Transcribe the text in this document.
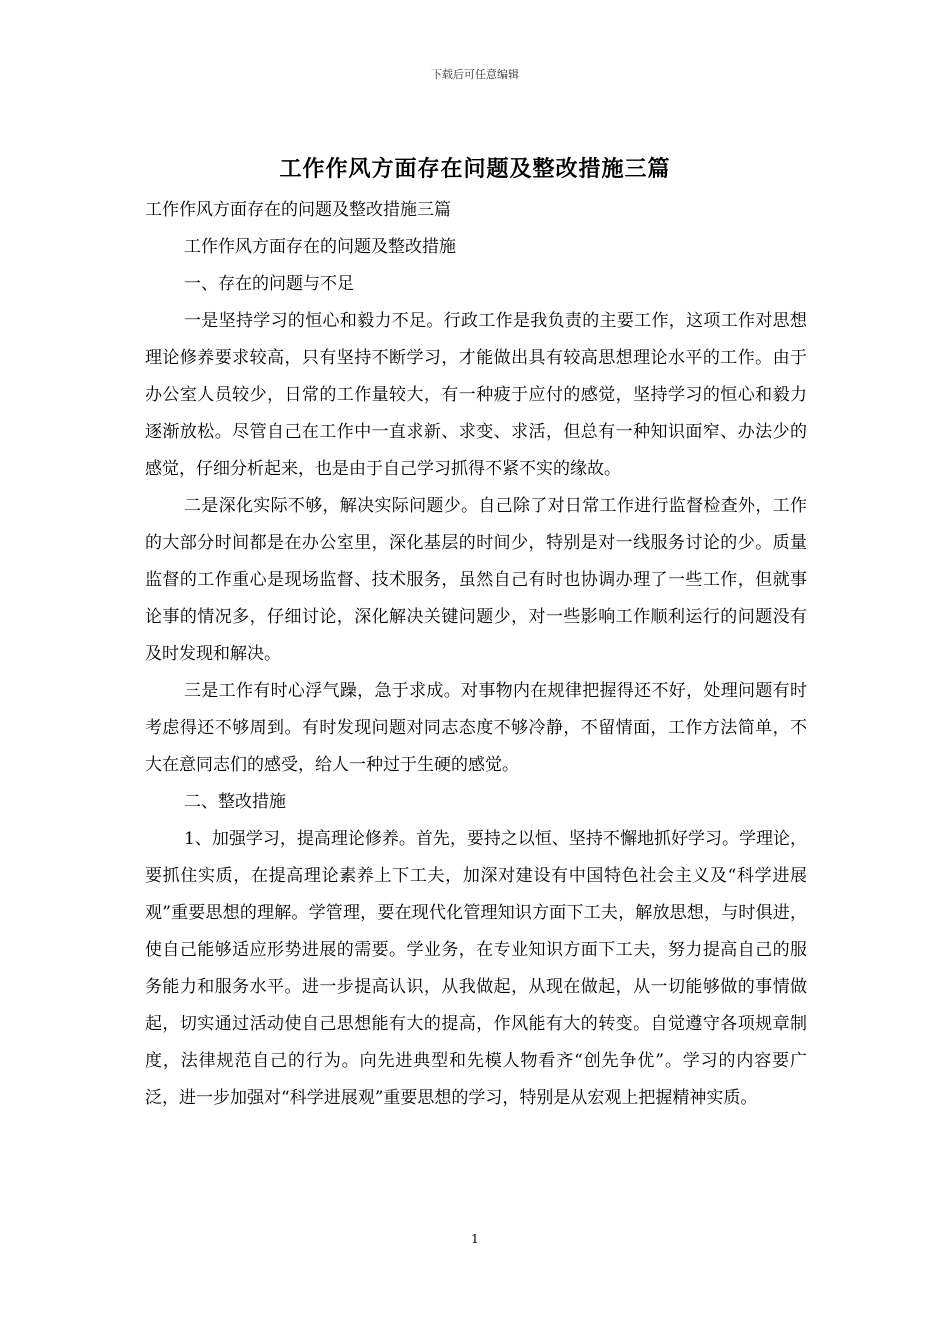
下载后可任意编辑
工作作风方面存在问题及整改措施三篇

工作作风方面存在的问题及整改措施三篇

工作作风方面存在的问题及整改措施

一、存在的问题与不足

一是坚持学习的恒心和毅力不足。行政工作是我负责的主要工作，这项工作对思想理论修养要求较高，只有坚持不断学习，才能做出具有较高思想理论水平的工作。由于办公室人员较少，日常的工作量较大，有一种疲于应付的感觉，坚持学习的恒心和毅力逐渐放松。尽管自己在工作中一直求新、求变、求活，但总有一种知识面窄、办法少的感觉，仔细分析起来，也是由于自己学习抓得不紧不实的缘故。

二是深化实际不够，解决实际问题少。自己除了对日常工作进行监督检查外，工作的大部分时间都是在办公室里，深化基层的时间少，特别是对一线服务讨论的少。质量监督的工作重心是现场监督、技术服务，虽然自己有时也协调办理了一些工作，但就事论事的情况多，仔细讨论，深化解决关键问题少，对一些影响工作顺利运行的问题没有及时发现和解决。

三是工作有时心浮气躁，急于求成。对事物内在规律把握得还不好，处理问题有时考虑得还不够周到。有时发现问题对同志态度不够冷静，不留情面，工作方法简单，不大在意同志们的感受，给人一种过于生硬的感觉。

二、整改措施

1、加强学习，提高理论修养。首先，要持之以恒、坚持不懈地抓好学习。学理论，要抓住实质，在提高理论素养上下工夫，加深对建设有中国特色社会主义及“科学进展观”重要思想的理解。学管理，要在现代化管理知识方面下工夫，解放思想，与时俱进，使自己能够适应形势进展的需要。学业务，在专业知识方面下工夫，努力提高自己的服务能力和服务水平。进一步提高认识，从我做起，从现在做起，从一切能够做的事情做起，切实通过活动使自己思想能有大的提高，作风能有大的转变。自觉遵守各项规章制度，法律规范自己的行为。向先进典型和先模人物看齐“创先争优”。学习的内容要广泛，进一步加强对“科学进展观”重要思想的学习，特别是从宏观上把握精神实质。

1
